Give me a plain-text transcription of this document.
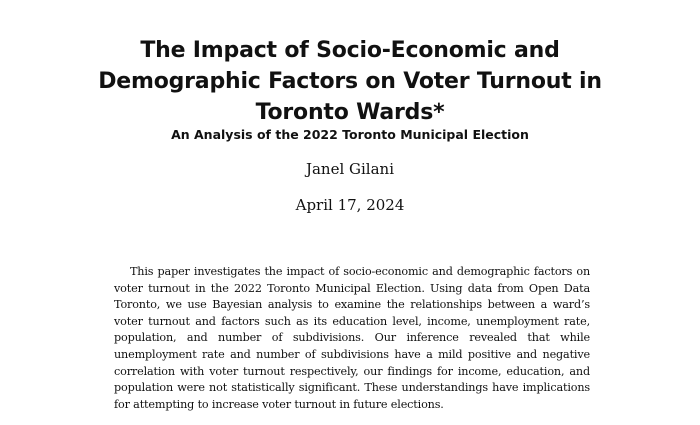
The Impact of Socio-Economic and Demographic Factors on Voter Turnout in Toronto Wards*
An Analysis of the 2022 Toronto Municipal Election
Janel Gilani
April 17, 2024

This paper investigates the impact of socio-economic and demographic factors on voter turnout in the 2022 Toronto Municipal Election. Using data from Open Data Toronto, we use Bayesian analysis to examine the relationships between a ward’s voter turnout and factors such as its education level, income, unemployment rate, population, and number of subdivisions. Our inference revealed that while unemployment rate and number of subdivisions have a mild positive and negative correlation with voter turnout respectively, our findings for income, education, and population were not statistically significant. These understandings have implications for attempting to increase voter turnout in future elections.
